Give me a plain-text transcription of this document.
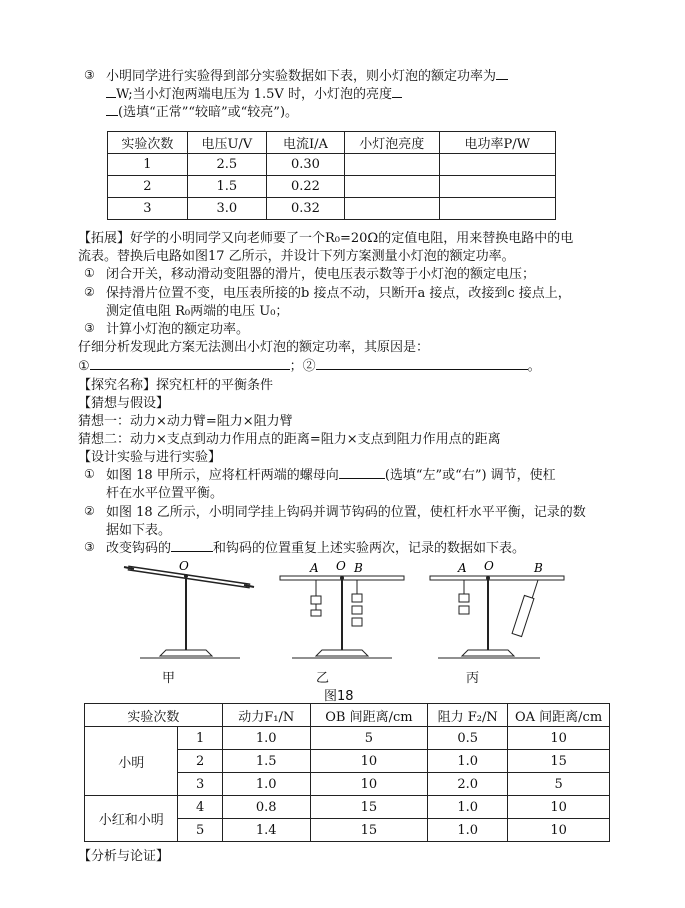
③ 小明同学进行实验得到部分实验数据如下表，则小灯泡的额定功率为
W;当小灯泡两端电压为 1.5V 时，小灯泡的亮度
(选填“正常”“较暗”或“较亮”)。
实验次数	电压U/V	电流I/A	小灯泡亮度	电功率P/W
1	2.5	0.30		
2	1.5	0.22		
3	3.0	0.32		
【拓展】好学的小明同学又向老师要了一个R₀=20Ω的定值电阻，用来替换电路中的电
流表。替换后电路如图17 乙所示，并设计下列方案测量小灯泡的额定功率。
① 闭合开关，移动滑动变阻器的滑片，使电压表示数等于小灯泡的额定电压；
② 保持滑片位置不变，电压表所接的b 接点不动，只断开a 接点，改接到c 接点上，
测定值电阻 R₀两端的电压 U₀；
③ 计算小灯泡的额定功率。
仔细分析发现此方案无法测出小灯泡的额定功率，其原因是：
①	；②	。
【探究名称】探究杠杆的平衡条件
【猜想与假设】
猜想一：动力×动力臂=阻力×阻力臂
猜想二：动力×支点到动力作用点的距离=阻力×支点到阻力作用点的距离
【设计实验与进行实验】
① 如图 18 甲所示，应将杠杆两端的螺母向	(选填“左”或“右”) 调节，使杠
杆在水平位置平衡。
② 如图 18 乙所示，小明同学挂上钩码并调节钩码的位置，使杠杆水平平衡，记录的数
据如下表。
③ 改变钩码的	和钩码的位置重复上述实验两次，记录的数据如下表。
O	A O B	A O	B
甲	乙	丙
图18
实验次数		动力F₁/N	OB 间距离/cm	阻力 F₂/N	OA 间距离/cm
小明	1	1.0	5	0.5	10
	2	1.5	10	1.0	15
	3	1.0	10	2.0	5
小红和小明	4	0.8	15	1.0	10
	5	1.4	15	1.0	10
【分析与论证】
